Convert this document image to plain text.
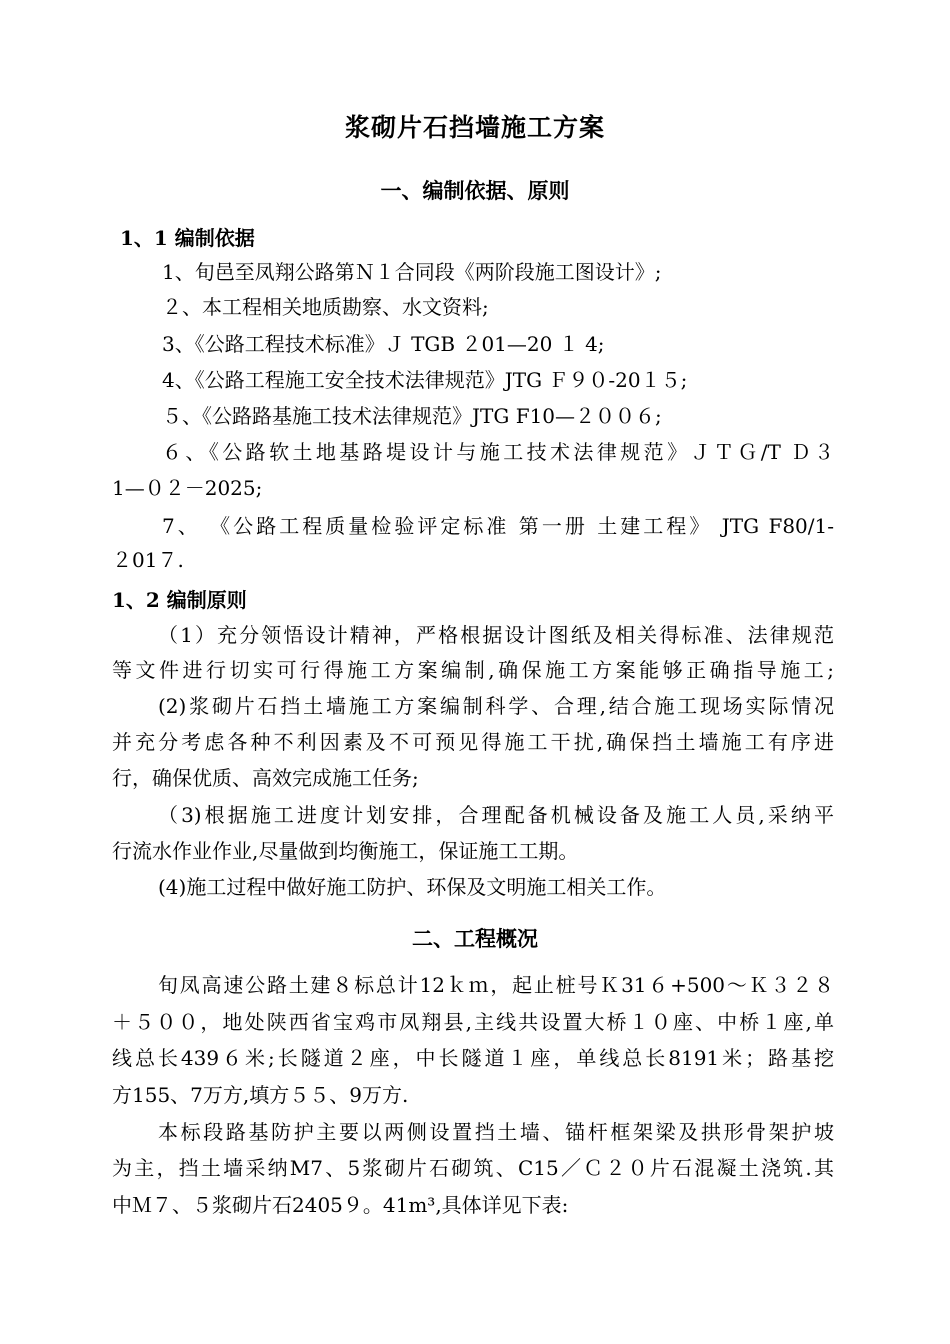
浆砌片石挡墙施工方案
一、编制依据、原则
1、1 编制依据
1、旬邑至凤翔公路第Ｎ１合同段《两阶段施工图设计》;
２、本工程相关地质勘察、水文资料;
3、《公路工程技术标准》Ｊ TGB ２01—20 １ 4;
4、《公路工程施工安全技术法律规范》JTG Ｆ９０-20１５;
５、《公路路基施工技术法律规范》JTG F10—２００６;
６、《公路软土地基路堤设计与施工技术法律规范》ＪＴＧ/T Ｄ３
1—０２－2025;
7、 《公路工程质量检验评定标准 第一册 土建工程》 JTG F80/1-
２01７.
1、2 编制原则
（1）充分领悟设计精神，严格根据设计图纸及相关得标准、法律规范
等文件进行切实可行得施工方案编制,确保施工方案能够正确指导施工;
(2)浆砌片石挡土墙施工方案编制科学、合理,结合施工现场实际情况
并充分考虑各种不利因素及不可预见得施工干扰,确保挡土墙施工有序进
行，确保优质、高效完成施工任务;
（3)根据施工进度计划安排，合理配备机械设备及施工人员,采纳平
行流水作业作业,尽量做到均衡施工，保证施工工期。
(4)施工过程中做好施工防护、环保及文明施工相关工作。
二、工程概况
旬凤高速公路土建８标总计12ｋｍ，起止桩号Ｋ31６+500～Ｋ３２８
＋５００，地处陕西省宝鸡市凤翔县,主线共设置大桥１０座、中桥１座,单
线总长439６米;长隧道２座，中长隧道１座，单线总长8191米；路基挖
方155、7万方,填方５５、9万方.
本标段路基防护主要以两侧设置挡土墙、锚杆框架梁及拱形骨架护坡
为主，挡土墙采纳M7、5浆砌片石砌筑、C15／Ｃ２０片石混凝土浇筑.其
中Ｍ７、５浆砌片石2405９。41m³,具体详见下表:
